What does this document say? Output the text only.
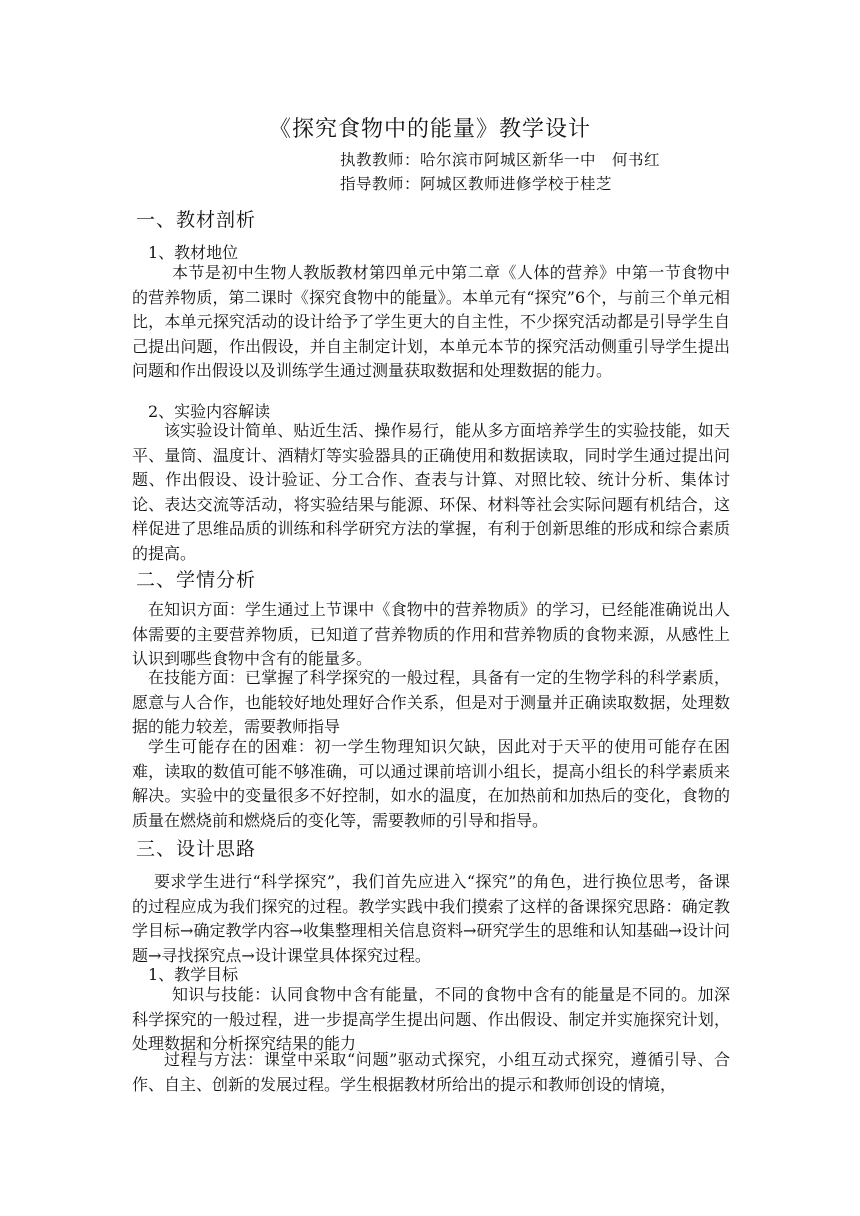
《探究食物中的能量》教学设计
执教教师：哈尔滨市阿城区新华一中　何书红
指导教师：阿城区教师进修学校于桂芝
一、教材剖析
1、教材地位

本节是初中生物人教版教材第四单元中第二章《人体的营养》中第一节食物中的营养物质，第二课时《探究食物中的能量》。本单元有“探究”6个，与前三个单元相比，本单元探究活动的设计给予了学生更大的自主性，不少探究活动都是引导学生自己提出问题，作出假设，并自主制定计划，本单元本节的探究活动侧重引导学生提出问题和作出假设以及训练学生通过测量获取数据和处理数据的能力。

2、实验内容解读

该实验设计简单、贴近生活、操作易行，能从多方面培养学生的实验技能，如天平、量筒、温度计、酒精灯等实验器具的正确使用和数据读取，同时学生通过提出问题、作出假设、设计验证、分工合作、查表与计算、对照比较、统计分析、集体讨论、表达交流等活动，将实验结果与能源、环保、材料等社会实际问题有机结合，这样促进了思维品质的训练和科学研究方法的掌握，有利于创新思维的形成和综合素质的提高。

二、学情分析

在知识方面：学生通过上节课中《食物中的营养物质》的学习，已经能准确说出人体需要的主要营养物质，已知道了营养物质的作用和营养物质的食物来源，从感性上认识到哪些食物中含有的能量多。

在技能方面：已掌握了科学探究的一般过程，具备有一定的生物学科的科学素质，愿意与人合作，也能较好地处理好合作关系，但是对于测量并正确读取数据，处理数据的能力较差，需要教师指导

学生可能存在的困难：初一学生物理知识欠缺，因此对于天平的使用可能存在困难，读取的数值可能不够准确，可以通过课前培训小组长，提高小组长的科学素质来解决。实验中的变量很多不好控制，如水的温度，在加热前和加热后的变化，食物的质量在燃烧前和燃烧后的变化等，需要教师的引导和指导。

三、设计思路

要求学生进行“科学探究”，我们首先应进入“探究”的角色，进行换位思考，备课的过程应成为我们探究的过程。教学实践中我们摸索了这样的备课探究思路：确定教学目标→确定教学内容→收集整理相关信息资料→研究学生的思维和认知基础→设计问题→寻找探究点→设计课堂具体探究过程。

1、教学目标

知识与技能：认同食物中含有能量，不同的食物中含有的能量是不同的。加深科学探究的一般过程，进一步提高学生提出问题、作出假设、制定并实施探究计划，处理数据和分析探究结果的能力

过程与方法：课堂中采取“问题”驱动式探究，小组互动式探究，遵循引导、合作、自主、创新的发展过程。学生根据教材所给出的提示和教师创设的情境，
